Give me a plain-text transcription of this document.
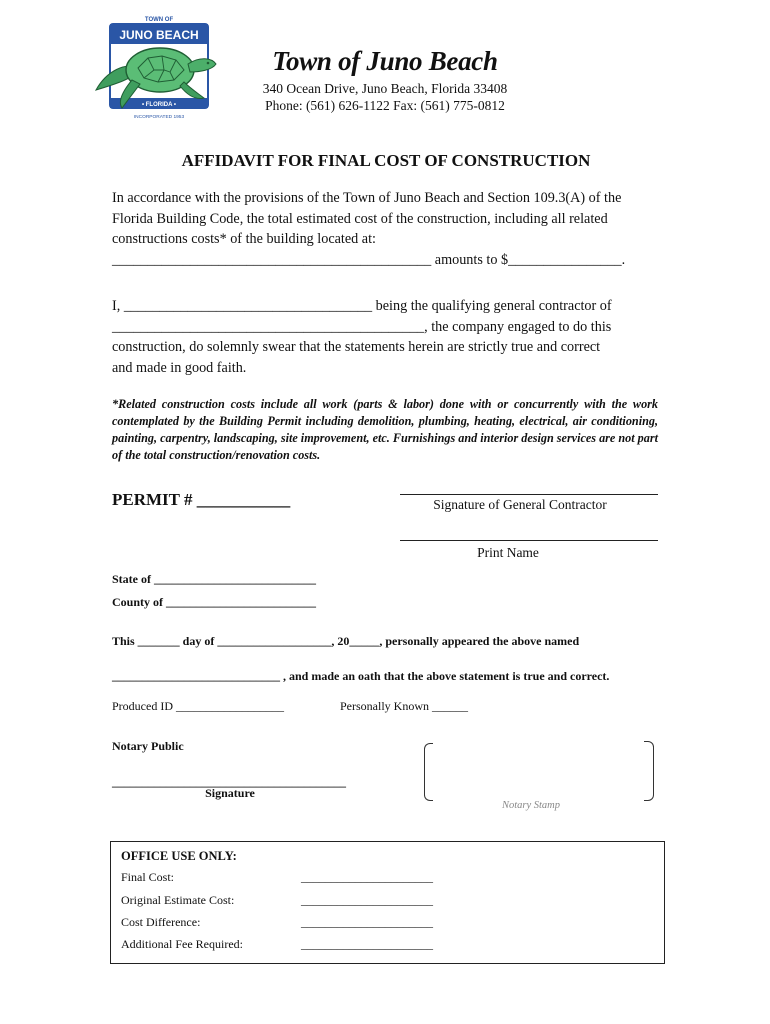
TOWN OF
JUNO BEACH
• FLORIDA •
INCORPORATED 1953
Town of Juno Beach
340 Ocean Drive, Juno Beach, Florida 33408
Phone: (561) 626-1122 Fax: (561) 775-0812
AFFIDAVIT FOR FINAL COST OF CONSTRUCTION
In accordance with the provisions of the Town of Juno Beach and Section 109.3(A) of the
Florida Building Code, the total estimated cost of the construction, including all related
constructions costs* of the building located at:
_____________________________________________ amounts to $________________.
I, ___________________________________ being the qualifying general contractor of
____________________________________________, the company engaged to do this
construction, do solemnly swear that the statements herein are strictly true and correct
and made in good faith.
*Related construction costs include all work (parts & labor) done with or concurrently with the work contemplated by the Building Permit including demolition, plumbing, heating, electrical, air conditioning, painting, carpentry, landscaping, site improvement, etc. Furnishings and interior design services are not part of the total construction/renovation costs.
PERMIT # ___________	Signature of General Contractor
Print Name
State of ___________________________
County of _________________________
This _______ day of ___________________, 20_____, personally appeared the above named
____________________________ , and made an oath that the above statement is true and correct.
Produced ID __________________	Personally Known ______
Notary Public
_______________________________________
Signature
Notary Stamp
OFFICE USE ONLY:
Final Cost:	______________________
Original Estimate Cost:	______________________
Cost Difference:	______________________
Additional Fee Required:	______________________
